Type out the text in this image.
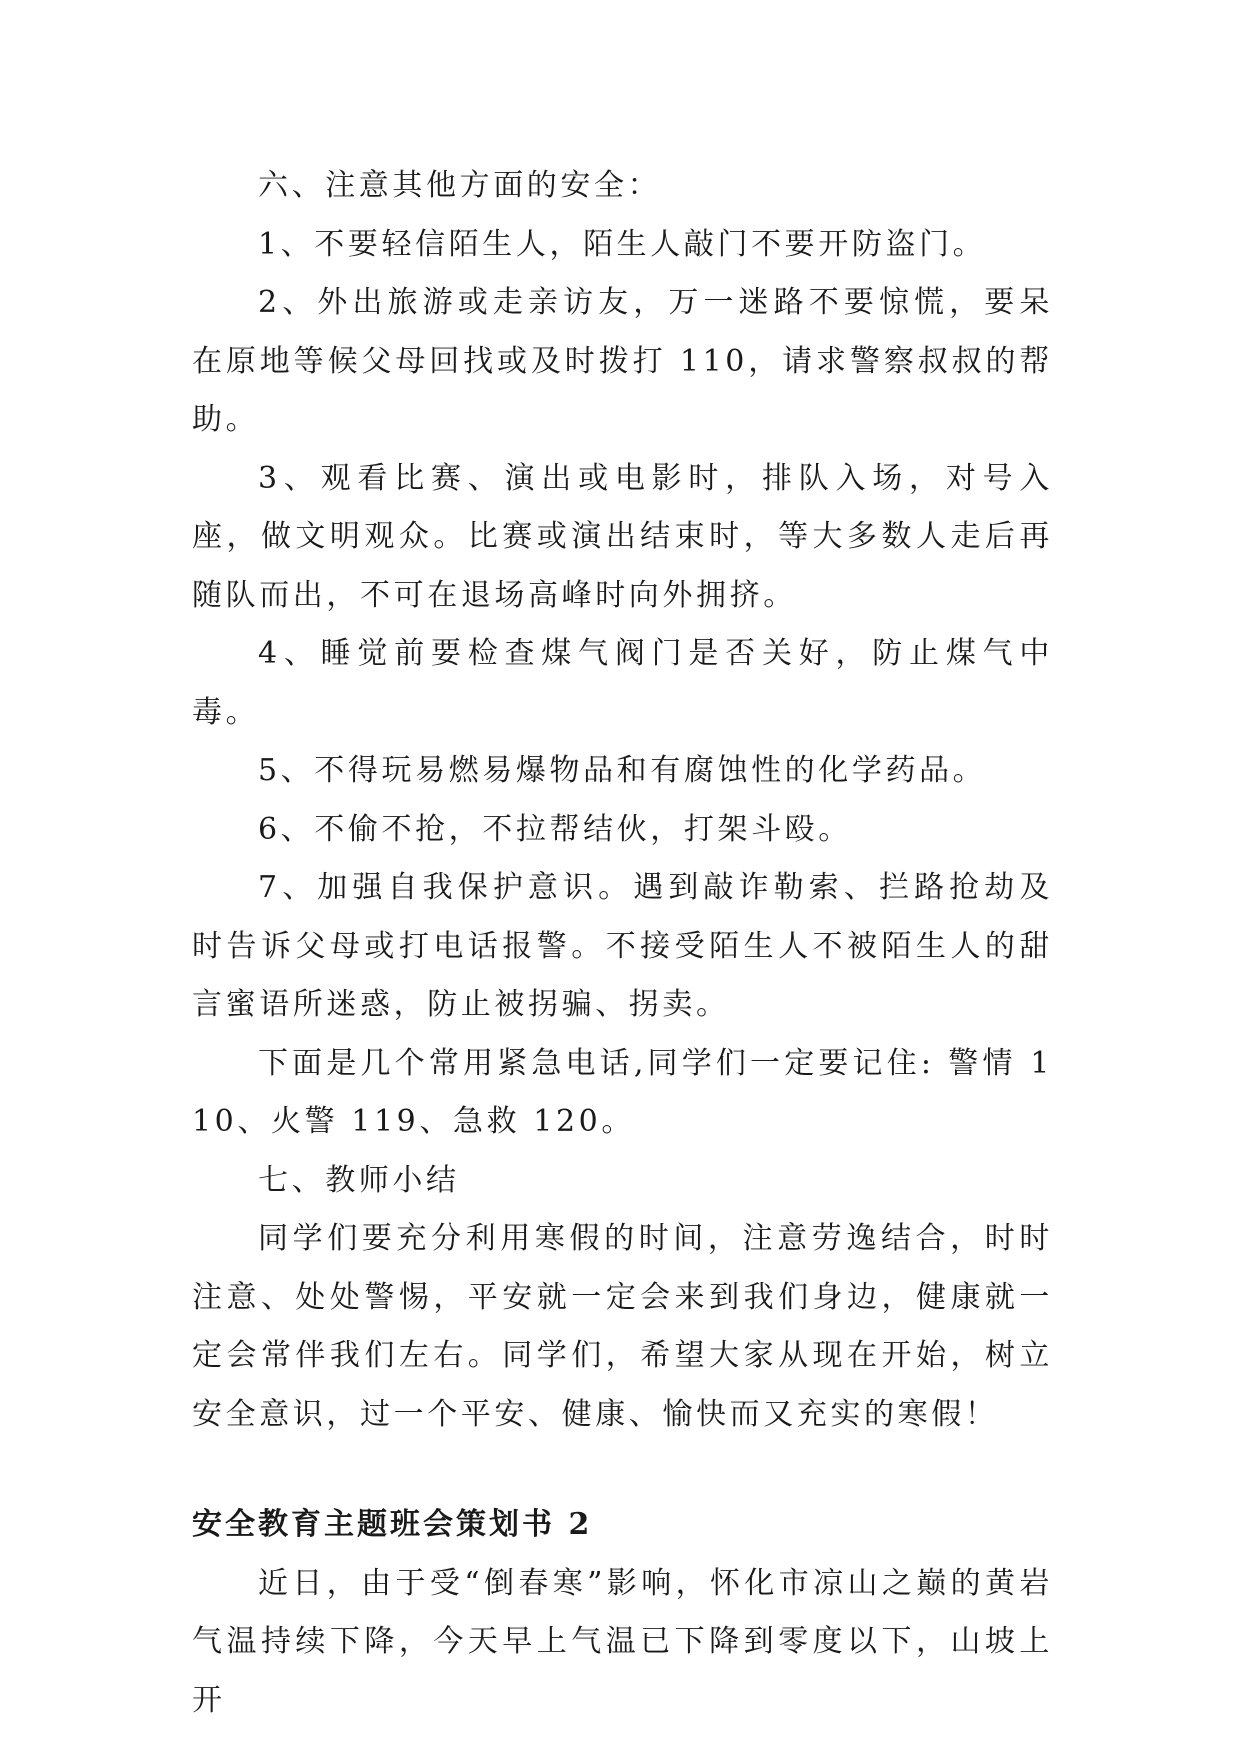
六、注意其他方面的安全：

1、不要轻信陌生人，陌生人敲门不要开防盗门。

2、外出旅游或走亲访友，万一迷路不要惊慌，要呆在原地等候父母回找或及时拨打 110，请求警察叔叔的帮助。

3、观看比赛、演出或电影时，排队入场，对号入座，做文明观众。比赛或演出结束时，等大多数人走后再随队而出，不可在退场高峰时向外拥挤。

4、睡觉前要检查煤气阀门是否关好，防止煤气中毒。

5、不得玩易燃易爆物品和有腐蚀性的化学药品。

6、不偷不抢，不拉帮结伙，打架斗殴。

7、加强自我保护意识。遇到敲诈勒索、拦路抢劫及时告诉父母或打电话报警。不接受陌生人不被陌生人的甜言蜜语所迷惑，防止被拐骗、拐卖。

下面是几个常用紧急电话,同学们一定要记住: 警情 110、火警 119、急救 120。

七、教师小结

同学们要充分利用寒假的时间，注意劳逸结合，时时注意、处处警惕，平安就一定会来到我们身边，健康就一定会常伴我们左右。同学们，希望大家从现在开始，树立安全意识，过一个平安、健康、愉快而又充实的寒假！

安全教育主题班会策划书 2

近日，由于受“倒春寒”影响，怀化市凉山之巅的黄岩气温持续下降，今天早上气温已下降到零度以下，山坡上开
